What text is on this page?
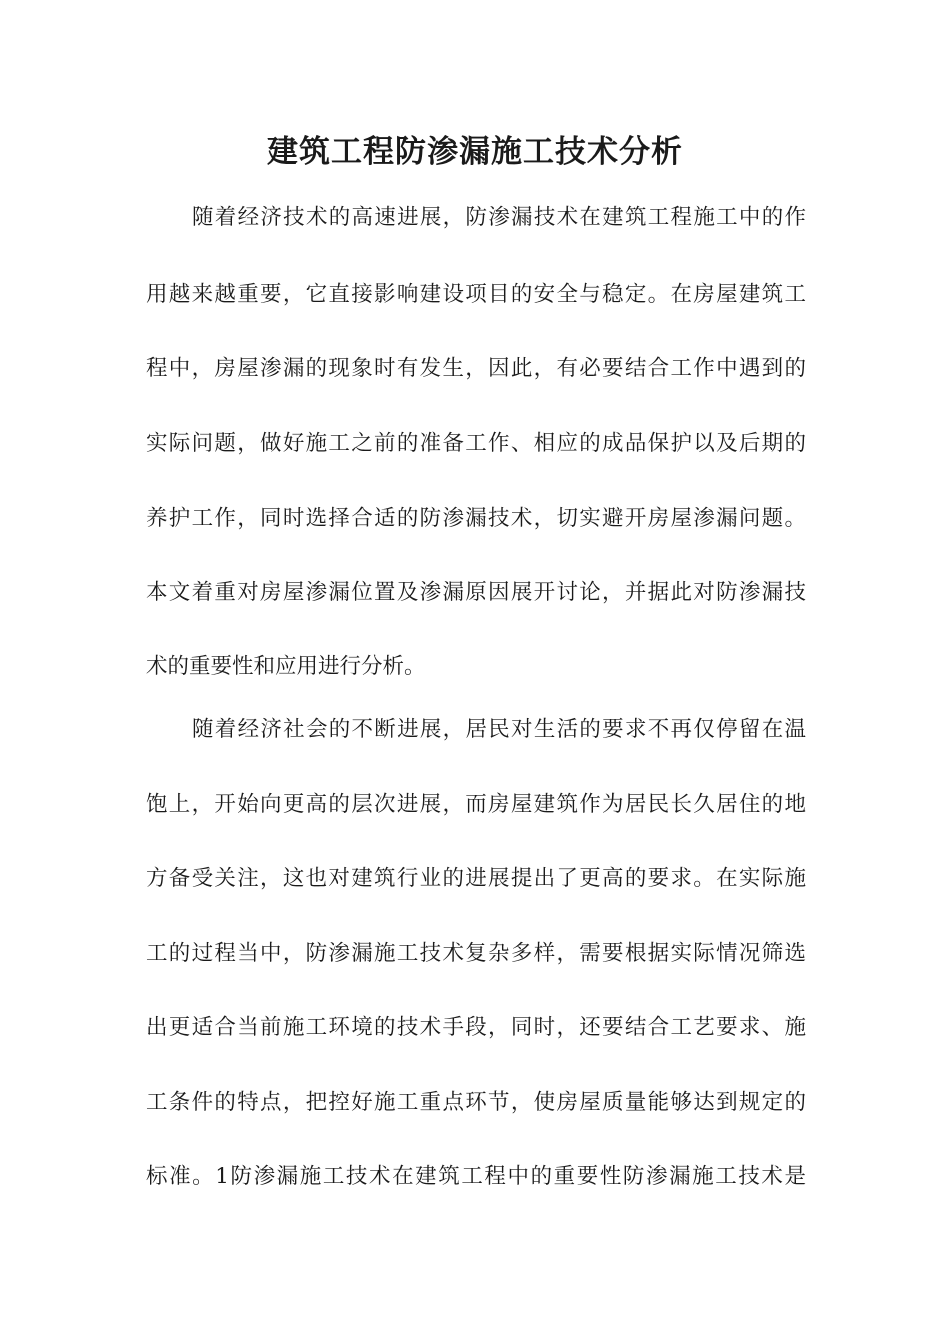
建筑工程防渗漏施工技术分析
随着经济技术的高速进展，防渗漏技术在建筑工程施工中的作
用越来越重要，它直接影响建设项目的安全与稳定。在房屋建筑工
程中，房屋渗漏的现象时有发生，因此，有必要结合工作中遇到的
实际问题，做好施工之前的准备工作、相应的成品保护以及后期的
养护工作，同时选择合适的防渗漏技术，切实避开房屋渗漏问题。
本文着重对房屋渗漏位置及渗漏原因展开讨论，并据此对防渗漏技
术的重要性和应用进行分析。
随着经济社会的不断进展，居民对生活的要求不再仅停留在温
饱上，开始向更高的层次进展，而房屋建筑作为居民长久居住的地
方备受关注，这也对建筑行业的进展提出了更高的要求。在实际施
工的过程当中，防渗漏施工技术复杂多样，需要根据实际情况筛选
出更适合当前施工环境的技术手段，同时，还要结合工艺要求、施
工条件的特点，把控好施工重点环节，使房屋质量能够达到规定的
标准。1防渗漏施工技术在建筑工程中的重要性防渗漏施工技术是
